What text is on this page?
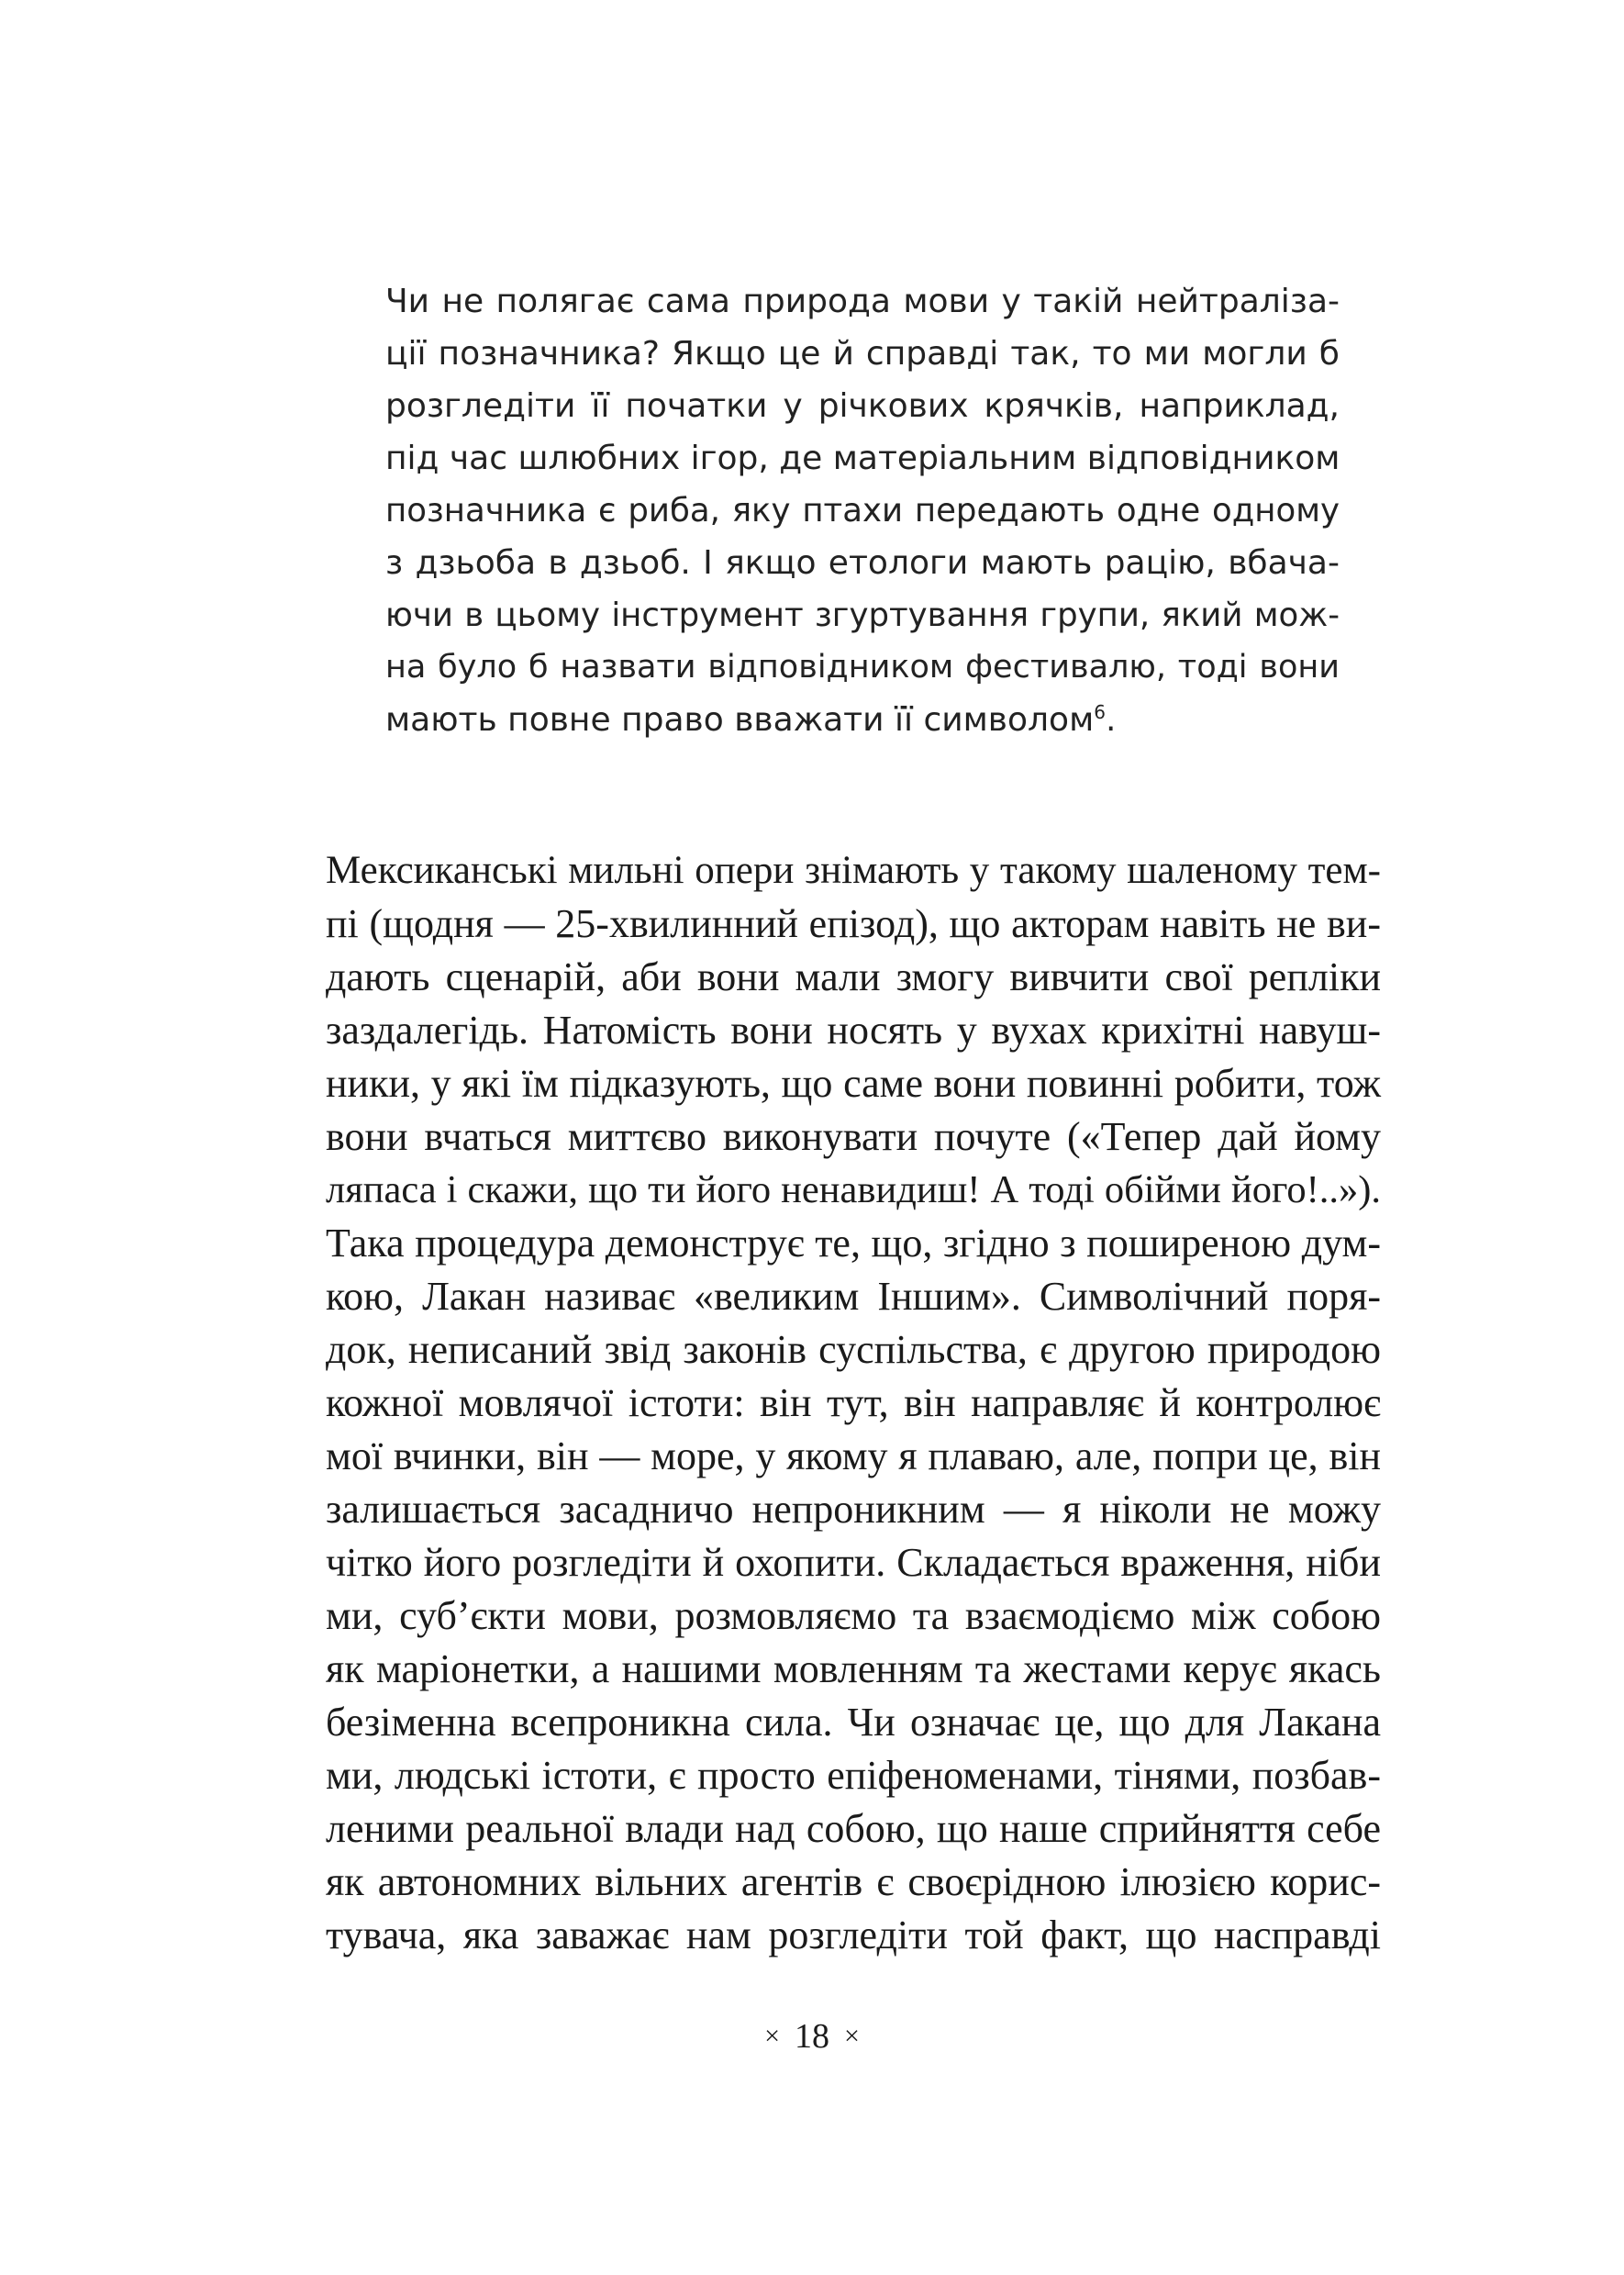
Чи не полягає сама природа мови у такій нейтралізa-
ції позначника? Якщо це й справді так, то ми могли б
розгледіти її початки у річкових крячків, наприклад,
під час шлюбних ігор, де матеріальним відповідником
позначника є риба, яку птахи передають одне одному
з дзьоба в дзьоб. І якщо етологи мають рацію, вбача-
ючи в цьому інструмент згуртування групи, який мож-
на було б назвати відповідником фестивалю, тоді вони
мають повне право вважати її символом$^6$.
Мексиканські мильні опери знімають у такому шаленому тем-
пі (щодня — 25-хвилинний епізод), що акторам навіть не ви-
дають сценарій, аби вони мали змогу вивчити свої репліки
заздалегідь. Натомість вони носять у вухах крихітні навуш-
ники, у які їм підказують, що саме вони повинні робити, тож
вони вчаться миттєво виконувати почуте («Тепер дай йому
ляпаса і скажи, що ти його ненавидиш! А тоді обійми його!..»).
Така процедура демонструє те, що, згідно з поширеною дум-
кою, Лакан називає «великим Іншим». Символічний поря-
док, неписаний звід законів суспільства, є другою природою
кожної мовлячої істоти: він тут, він направляє й контролює
мої вчинки, він — море, у якому я плаваю, але, попри це, він
залишається засадничо непроникним — я ніколи не можу
чітко його розгледіти й охопити. Складається враження, ніби
ми, суб’єкти мови, розмовляємо та взаємодіємо між собою
як маріонетки, а нашими мовленням та жестами керує якась
безіменна всепроникна сила. Чи означає це, що для Лакана
ми, людські істоти, є просто епіфеноменами, тінями, позбав-
леними реальної влади над собою, що наше сприйняття себе
як автономних вільних агентів є своєрідною ілюзією корис-
тувача, яка заважає нам розгледіти той факт, що насправді
× 18 ×
